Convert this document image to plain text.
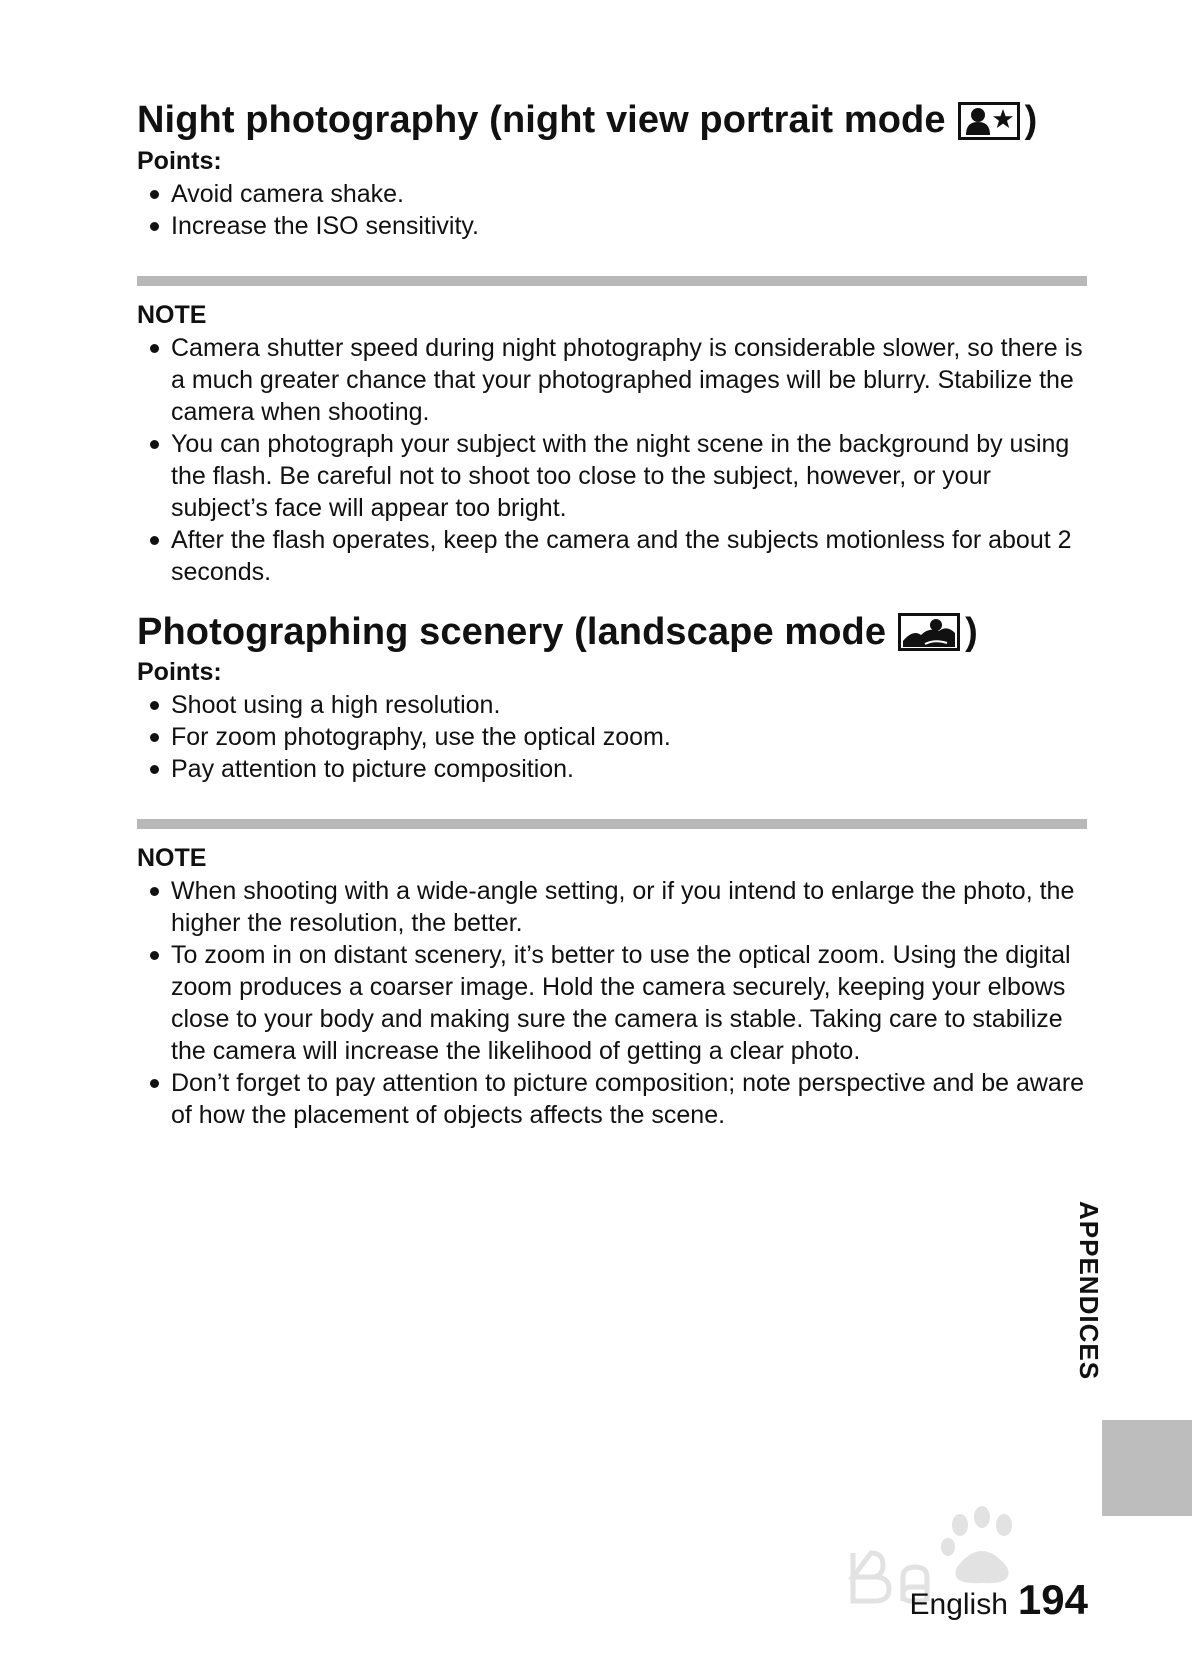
Night photography (night view portrait mode )
Points:
Avoid camera shake.
Increase the ISO sensitivity.
NOTE
Camera shutter speed during night photography is considerable slower, so there is a much greater chance that your photographed images will be blurry. Stabilize the camera when shooting.
You can photograph your subject with the night scene in the background by using the flash. Be careful not to shoot too close to the subject, however, or your subject’s face will appear too bright.
After the flash operates, keep the camera and the subjects motionless for about 2 seconds.
Photographing scenery (landscape mode )
Points:
Shoot using a high resolution.
For zoom photography, use the optical zoom.
Pay attention to picture composition.
NOTE
When shooting with a wide-angle setting, or if you intend to enlarge the photo, the higher the resolution, the better.
To zoom in on distant scenery, it’s better to use the optical zoom. Using the digital zoom produces a coarser image. Hold the camera securely, keeping your elbows close to your body and making sure the camera is stable. Taking care to stabilize the camera will increase the likelihood of getting a clear photo.
Don’t forget to pay attention to picture composition; note perspective and be aware of how the placement of objects affects the scene.
APPENDICES
English 194
